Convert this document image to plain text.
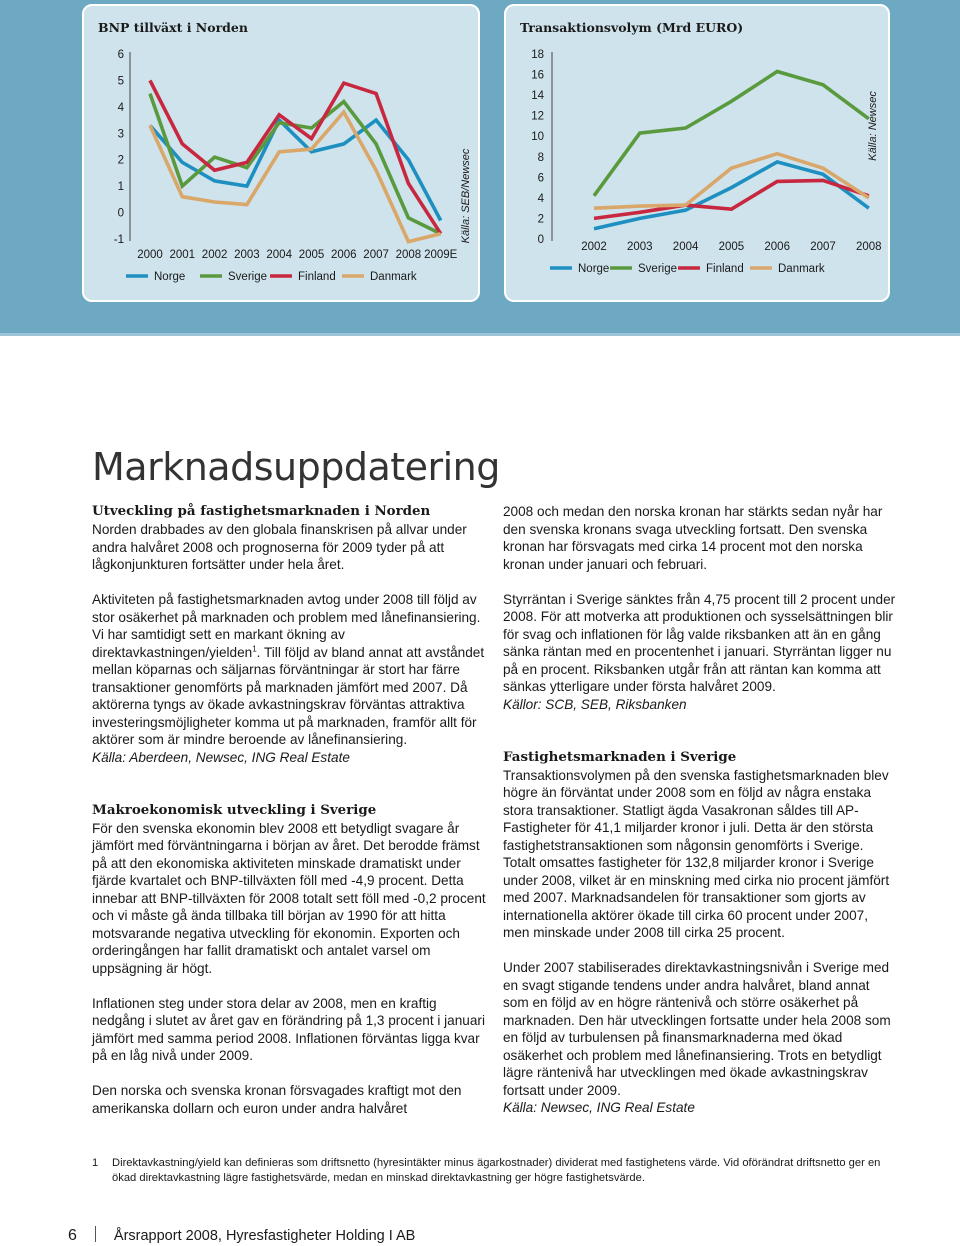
BNP tillväxt i Norden
6
5
4
3
2
1
0
-1
2000 2001 2002 2003 2004 2005 2006 2007 2008 2009E
Norge	Sverige	Finland	Danmark
Källa: SEB/Newsec
Transaktionsvolym (Mrd EURO)
18
16
14
12
10
8
6
4
2
0
2002 2003 2004 2005 2006 2007 2008
Norge Sverige	Finland	Danmark
Källa: Newsec
Marknadsuppdatering
Utveckling på fastighetsmarknaden i Norden

Norden drabbades av den globala finanskrisen på allvar under andra halvåret 2008 och prognoserna för 2009 tyder på att lågkonjunkturen fortsätter under hela året.

Aktiviteten på fastighetsmarknaden avtog under 2008 till följd av stor osäkerhet på marknaden och problem med lånefinansiering. Vi har samtidigt sett en markant ökning av direktavkastningen/yielden$^1$. Till följd av bland annat att avståndet mellan köparnas och säljarnas förväntningar är stort har färre transaktioner genomförts på marknaden jämfört med 2007. Då aktörerna tyngs av ökade avkastningskrav förväntas attraktiva investeringsmöjligheter komma ut på marknaden, framför allt för aktörer som är mindre beroende av lånefinansiering.
Källa: Aberdeen, Newsec, ING Real Estate

Makroekonomisk utveckling i Sverige

För den svenska ekonomin blev 2008 ett betydligt svagare år jämfört med förväntningarna i början av året. Det berodde främst på att den ekonomiska aktiviteten minskade dramatiskt under fjärde kvartalet och BNP-tillväxten föll med -4,9 procent. Detta innebar att BNP-tillväxten för 2008 totalt sett föll med -0,2 procent och vi måste gå ända tillbaka till början av 1990 för att hitta motsvarande negativa utveckling för ekonomin. Exporten och orderingången har fallit dramatiskt och antalet varsel om uppsägning är högt.

Inflationen steg under stora delar av 2008, men en kraftig nedgång i slutet av året gav en förändring på 1,3 procent i januari jämfört med samma period 2008. Inflationen förväntas ligga kvar på en låg nivå under 2009.

Den norska och svenska kronan försvagades kraftigt mot den amerikanska dollarn och euron under andra halvåret

2008 och medan den norska kronan har stärkts sedan nyår har den svenska kronans svaga utveckling fortsatt. Den svenska kronan har försvagats med cirka 14 procent mot den norska kronan under januari och februari.

Styrräntan i Sverige sänktes från 4,75 procent till 2 procent under 2008. För att motverka att produktionen och sysselsättningen blir för svag och inflationen för låg valde riksbanken att än en gång sänka räntan med en procentenhet i januari. Styrräntan ligger nu på en procent. Riksbanken utgår från att räntan kan komma att sänkas ytterligare under första halvåret 2009.
Källor: SCB, SEB, Riksbanken

Fastighetsmarknaden i Sverige

Transaktionsvolymen på den svenska fastighetsmarknaden blev högre än förväntat under 2008 som en följd av några enstaka stora transaktioner. Statligt ägda Vasakronan såldes till AP-Fastigheter för 41,1 miljarder kronor i juli. Detta är den största fastighetstransaktionen som någonsin genomförts i Sverige. Totalt omsattes fastigheter för 132,8 miljarder kronor i Sverige under 2008, vilket är en minskning med cirka nio procent jämfört med 2007. Marknadsandelen för transaktioner som gjorts av internationella aktörer ökade till cirka 60 procent under 2007, men minskade under 2008 till cirka 25 procent.

Under 2007 stabiliserades direktavkastningsnivån i Sverige med en svagt stigande tendens under andra halvåret, bland annat som en följd av en högre räntenivå och större osäkerhet på marknaden. Den här utvecklingen fortsatte under hela 2008 som en följd av turbulensen på finansmarknaderna med ökad osäkerhet och problem med lånefinansiering. Trots en betydligt lägre räntenivå har utvecklingen med ökade avkastningskrav fortsatt under 2009.
Källa: Newsec, ING Real Estate

1 Direktavkastning/yield kan definieras som driftsnetto (hyresintäkter minus ägarkostnader) dividerat med fastighetens värde. Vid oförändrat driftsnetto ger en ökad direktavkastning lägre fastighetsvärde, medan en minskad direktavkastning ger högre fastighetsvärde.
6	Årsrapport 2008, Hyresfastigheter Holding I AB
